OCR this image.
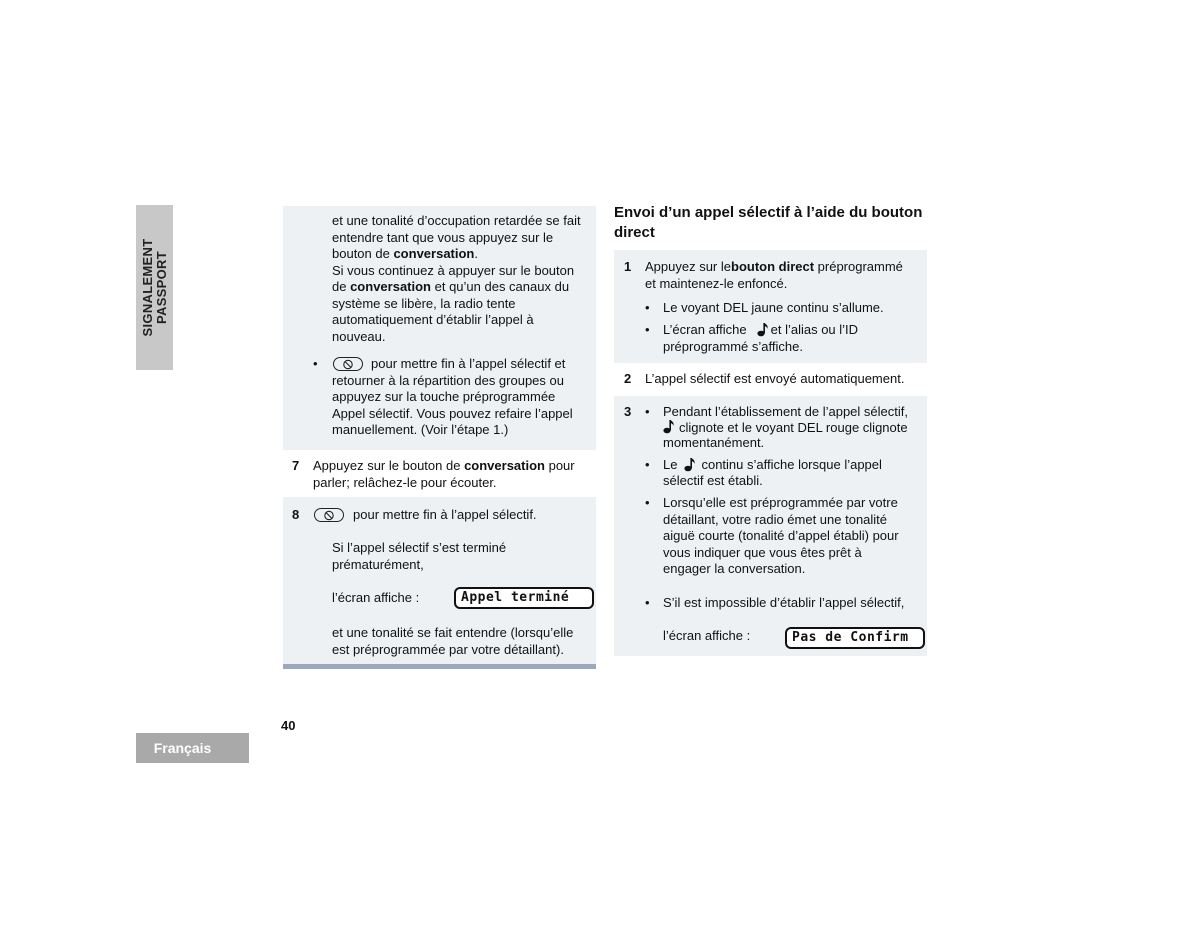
SIGNALEMENT PASSPORT
Français
40
et une tonalité d’occupation retardée se fait
entendre tant que vous appuyez sur le
bouton de conversation.
Si vous continuez à appuyer sur le bouton
de conversation et qu’un des canaux du
système se libère, la radio tente
automatiquement d’établir l’appel à
nouveau.
•	pour mettre fin à l’appel sélectif et
retourner à la répartition des groupes ou
appuyez sur la touche préprogrammée
Appel sélectif. Vous pouvez refaire l’appel
manuellement. (Voir l’étape 1.)
7 Appuyez sur le bouton de conversation pour
parler; relâchez-le pour écouter.
8	pour mettre fin à l’appel sélectif.
Si l’appel sélectif s’est terminé
prématurément,
l’écran affiche :	Appel terminé
et une tonalité se fait entendre (lorsqu’elle
est préprogrammée par votre détaillant).
Envoi d’un appel sélectif à l’aide du bouton direct
1 Appuyez sur lebouton direct préprogrammé
et maintenez-le enfoncé.
• Le voyant DEL jaune continu s’allume.
• L’écran affiche et l’alias ou l’ID
préprogrammé s’affiche.
2 L’appel sélectif est envoyé automatiquement.
3 • Pendant l’établissement de l’appel sélectif,
clignote et le voyant DEL rouge clignote
momentanément.
• Le continu s’affiche lorsque l’appel
sélectif est établi.
• Lorsqu’elle est préprogrammée par votre
détaillant, votre radio émet une tonalité
aiguë courte (tonalité d’appel établi) pour
vous indiquer que vous êtes prêt à
engager la conversation.
• S’il est impossible d’établir l’appel sélectif,
l’écran affiche :	Pas de Confirm
